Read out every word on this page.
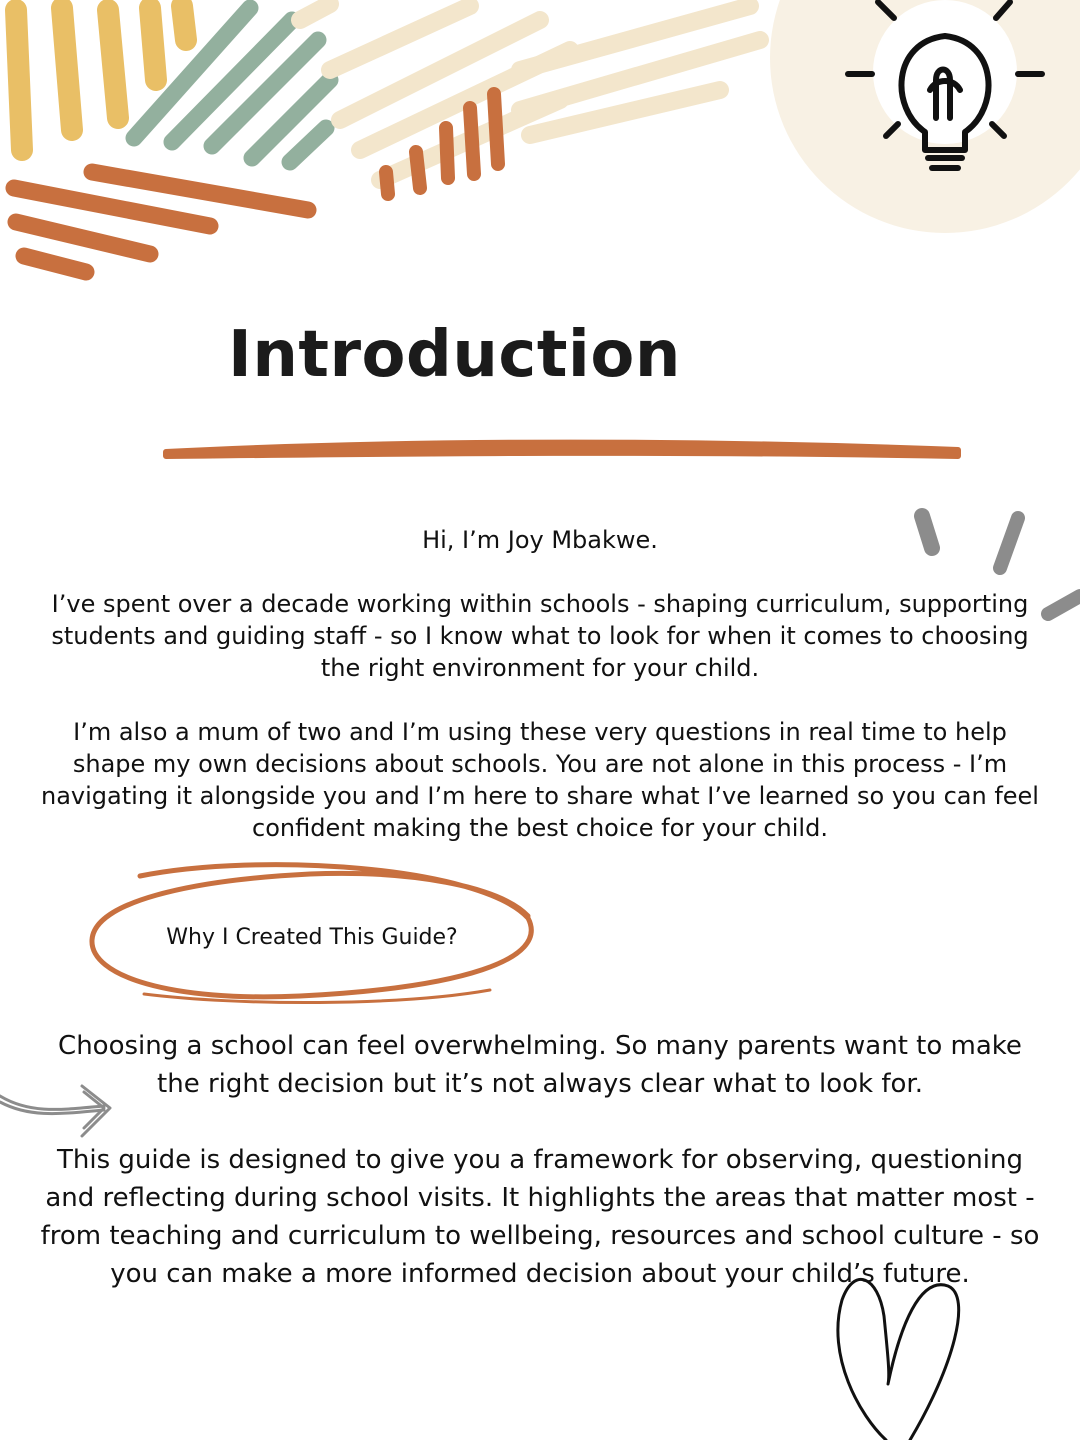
Introduction

Hi, I’m Joy Mbakwe.

I’ve spent over a decade working within schools - shaping curriculum, supporting students and guiding staff - so I know what to look for when it comes to choosing the right environment for your child.

I’m also a mum of two and I’m using these very questions in real time to help shape my own decisions about schools. You are not alone in this process - I’m navigating it alongside you and I’m here to share what I’ve learned so you can feel confident making the best choice for your child.

Why I Created This Guide?

Choosing a school can feel overwhelming. So many parents want to make the right decision but it’s not always clear what to look for.

This guide is designed to give you a framework for observing, questioning and reflecting during school visits. It highlights the areas that matter most - from teaching and curriculum to wellbeing, resources and school culture - so you can make a more informed decision about your child’s future.
